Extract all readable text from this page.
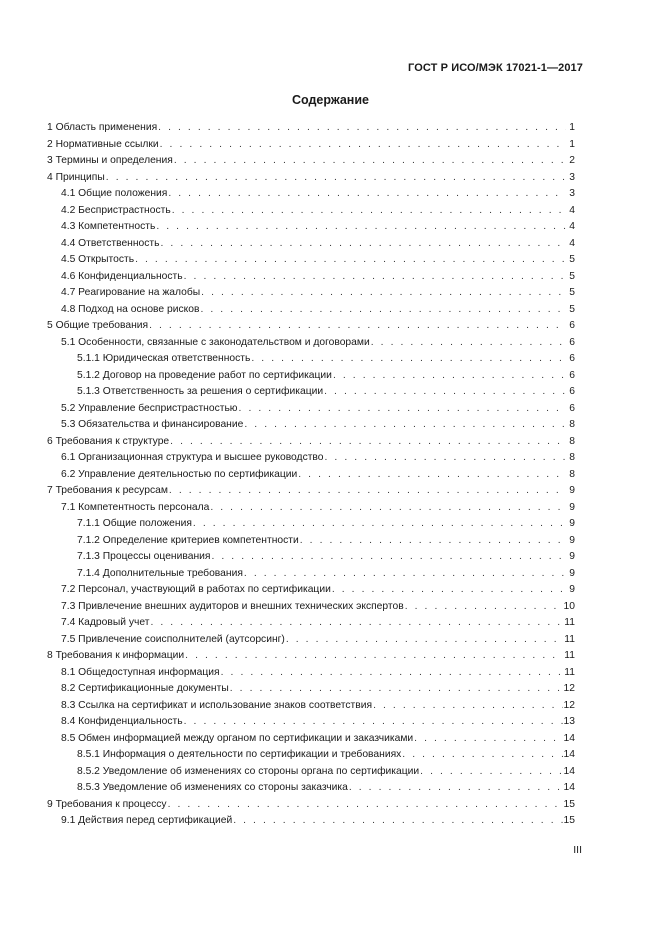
ГОСТ Р ИСО/МЭК 17021-1—2017
Содержание
1 Область применения . . .	1
2 Нормативные ссылки . . .	1
3 Термины и определения . . .	2
4 Принципы . . .	3
4.1 Общие положения . . .	3
4.2 Беспристрастность . . .	4
4.3 Компетентность . . .	4
4.4 Ответственность . . .	4
4.5 Открытость . . .	5
4.6 Конфиденциальность . . .	5
4.7 Реагирование на жалобы . . .	5
4.8 Подход на основе рисков . . .	5
5 Общие требования . . .	6
5.1 Особенности, связанные с законодательством и договорами . . .	6
5.1.1 Юридическая ответственность . . .	6
5.1.2 Договор на проведение работ по сертификации . . .	6
5.1.3 Ответственность за решения о сертификации . . .	6
5.2 Управление беспристрастностью . . .	6
5.3 Обязательства и финансирование . . .	8
6 Требования к структуре . . .	8
6.1 Организационная структура и высшее руководство . . .	8
6.2 Управление деятельностью по сертификации . . .	8
7 Требования к ресурсам . . .	9
7.1 Компетентность персонала . . .	9
7.1.1 Общие положения . . .	9
7.1.2 Определение критериев компетентности . . .	9
7.1.3 Процессы оценивания . . .	9
7.1.4 Дополнительные требования . . .	9
7.2 Персонал, участвующий в работах по сертификации . . .	9
7.3 Привлечение внешних аудиторов и внешних технических экспертов . . .	10
7.4 Кадровый учет . . .	11
7.5 Привлечение соисполнителей (аутсорсинг) . . .	11
8 Требования к информации . . .	11
8.1 Общедоступная информация . . .	11
8.2 Сертификационные документы . . .	12
8.3 Ссылка на сертификат и использование знаков соответствия . . .	12
8.4 Конфиденциальность . . .	13
8.5 Обмен информацией между органом по сертификации и заказчиками . . .	14
8.5.1 Информация о деятельности по сертификации и требованиях . . .	14
8.5.2 Уведомление об изменениях со стороны органа по сертификации . . .	14
8.5.3 Уведомление об изменениях со стороны заказчика . . .	14
9 Требования к процессу . . .	15
9.1 Действия перед сертификацией . . .	15
III
